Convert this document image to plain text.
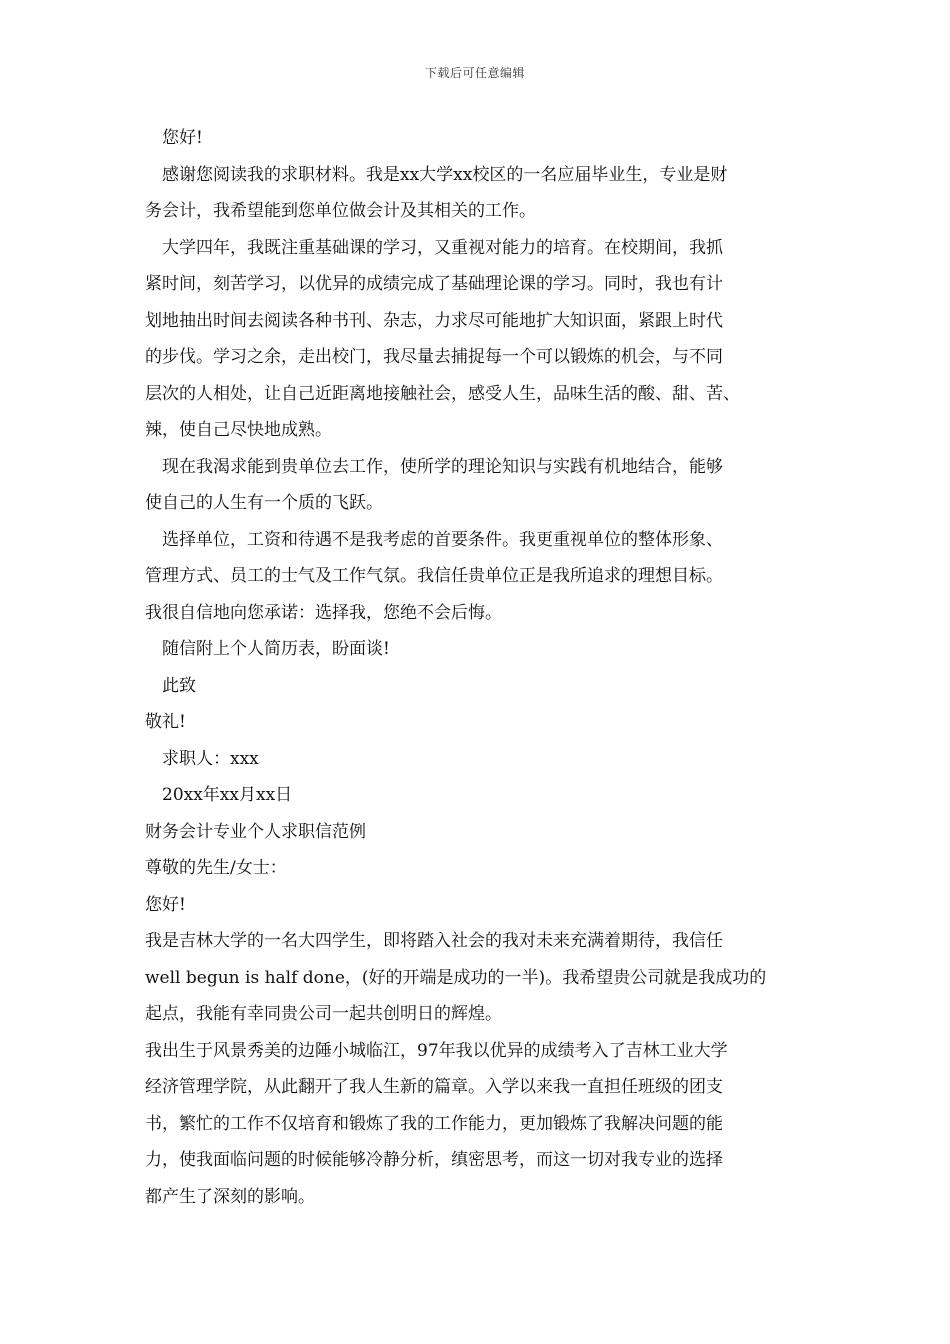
下载后可任意编辑

您好!

感谢您阅读我的求职材料。我是xx大学xx校区的一名应届毕业生，专业是财
务会计，我希望能到您单位做会计及其相关的工作。
大学四年，我既注重基础课的学习，又重视对能力的培育。在校期间，我抓
紧时间，刻苦学习，以优异的成绩完成了基础理论课的学习。同时，我也有计
划地抽出时间去阅读各种书刊、杂志，力求尽可能地扩大知识面，紧跟上时代
的步伐。学习之余，走出校门，我尽量去捕捉每一个可以锻炼的机会，与不同
层次的人相处，让自己近距离地接触社会，感受人生，品味生活的酸、甜、苦、
辣，使自己尽快地成熟。
现在我渴求能到贵单位去工作，使所学的理论知识与实践有机地结合，能够
使自己的人生有一个质的飞跃。
选择单位，工资和待遇不是我考虑的首要条件。我更重视单位的整体形象、
管理方式、员工的士气及工作气氛。我信任贵单位正是我所追求的理想目标。
我很自信地向您承诺：选择我，您绝不会后悔。

随信附上个人简历表，盼面谈!

此致

敬礼!

求职人：xxx

20xx年xx月xx日

财务会计专业个人求职信范例

尊敬的先生/女士：

您好!

我是吉林大学的一名大四学生，即将踏入社会的我对未来充满着期待，我信任
well begun is half done，(好的开端是成功的一半)。我希望贵公司就是我成功的
起点，我能有幸同贵公司一起共创明日的辉煌。
我出生于风景秀美的边陲小城临江，97年我以优异的成绩考入了吉林工业大学
经济管理学院，从此翻开了我人生新的篇章。入学以来我一直担任班级的团支
书，繁忙的工作不仅培育和锻炼了我的工作能力，更加锻炼了我解决问题的能
力，使我面临问题的时候能够冷静分析，缜密思考，而这一切对我专业的选择
都产生了深刻的影响。
